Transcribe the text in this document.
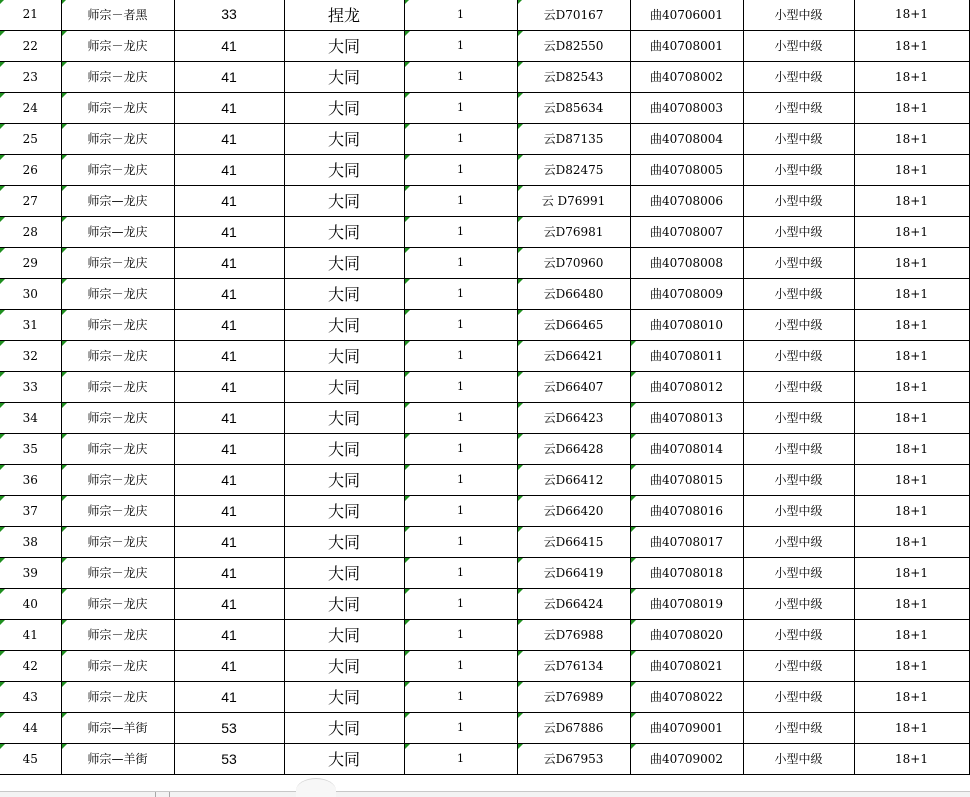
21	师宗－者黑	33	捏龙	1	云D70167	曲40706001	小型中级	18+1
22	师宗－龙庆	41	大同	1	云D82550	曲40708001	小型中级	18+1
23	师宗－龙庆	41	大同	1	云D82543	曲40708002	小型中级	18+1
24	师宗－龙庆	41	大同	1	云D85634	曲40708003	小型中级	18+1
25	师宗－龙庆	41	大同	1	云D87135	曲40708004	小型中级	18+1
26	师宗－龙庆	41	大同	1	云D82475	曲40708005	小型中级	18+1
27	师宗—龙庆	41	大同	1	云 D76991	曲40708006	小型中级	18+1
28	师宗—龙庆	41	大同	1	云D76981	曲40708007	小型中级	18+1
29	师宗－龙庆	41	大同	1	云D70960	曲40708008	小型中级	18+1
30	师宗－龙庆	41	大同	1	云D66480	曲40708009	小型中级	18+1
31	师宗－龙庆	41	大同	1	云D66465	曲40708010	小型中级	18+1
32	师宗－龙庆	41	大同	1	云D66421	曲40708011	小型中级	18+1
33	师宗－龙庆	41	大同	1	云D66407	曲40708012	小型中级	18+1
34	师宗－龙庆	41	大同	1	云D66423	曲40708013	小型中级	18+1
35	师宗－龙庆	41	大同	1	云D66428	曲40708014	小型中级	18+1
36	师宗－龙庆	41	大同	1	云D66412	曲40708015	小型中级	18+1
37	师宗－龙庆	41	大同	1	云D66420	曲40708016	小型中级	18+1
38	师宗－龙庆	41	大同	1	云D66415	曲40708017	小型中级	18+1
39	师宗－龙庆	41	大同	1	云D66419	曲40708018	小型中级	18+1
40	师宗－龙庆	41	大同	1	云D66424	曲40708019	小型中级	18+1
41	师宗－龙庆	41	大同	1	云D76988	曲40708020	小型中级	18+1
42	师宗－龙庆	41	大同	1	云D76134	曲40708021	小型中级	18+1
43	师宗－龙庆	41	大同	1	云D76989	曲40708022	小型中级	18+1
44	师宗—羊街	53	大同	1	云D67886	曲40709001	小型中级	18+1
45	师宗—羊街	53	大同	1	云D67953	曲40709002	小型中级	18+1
